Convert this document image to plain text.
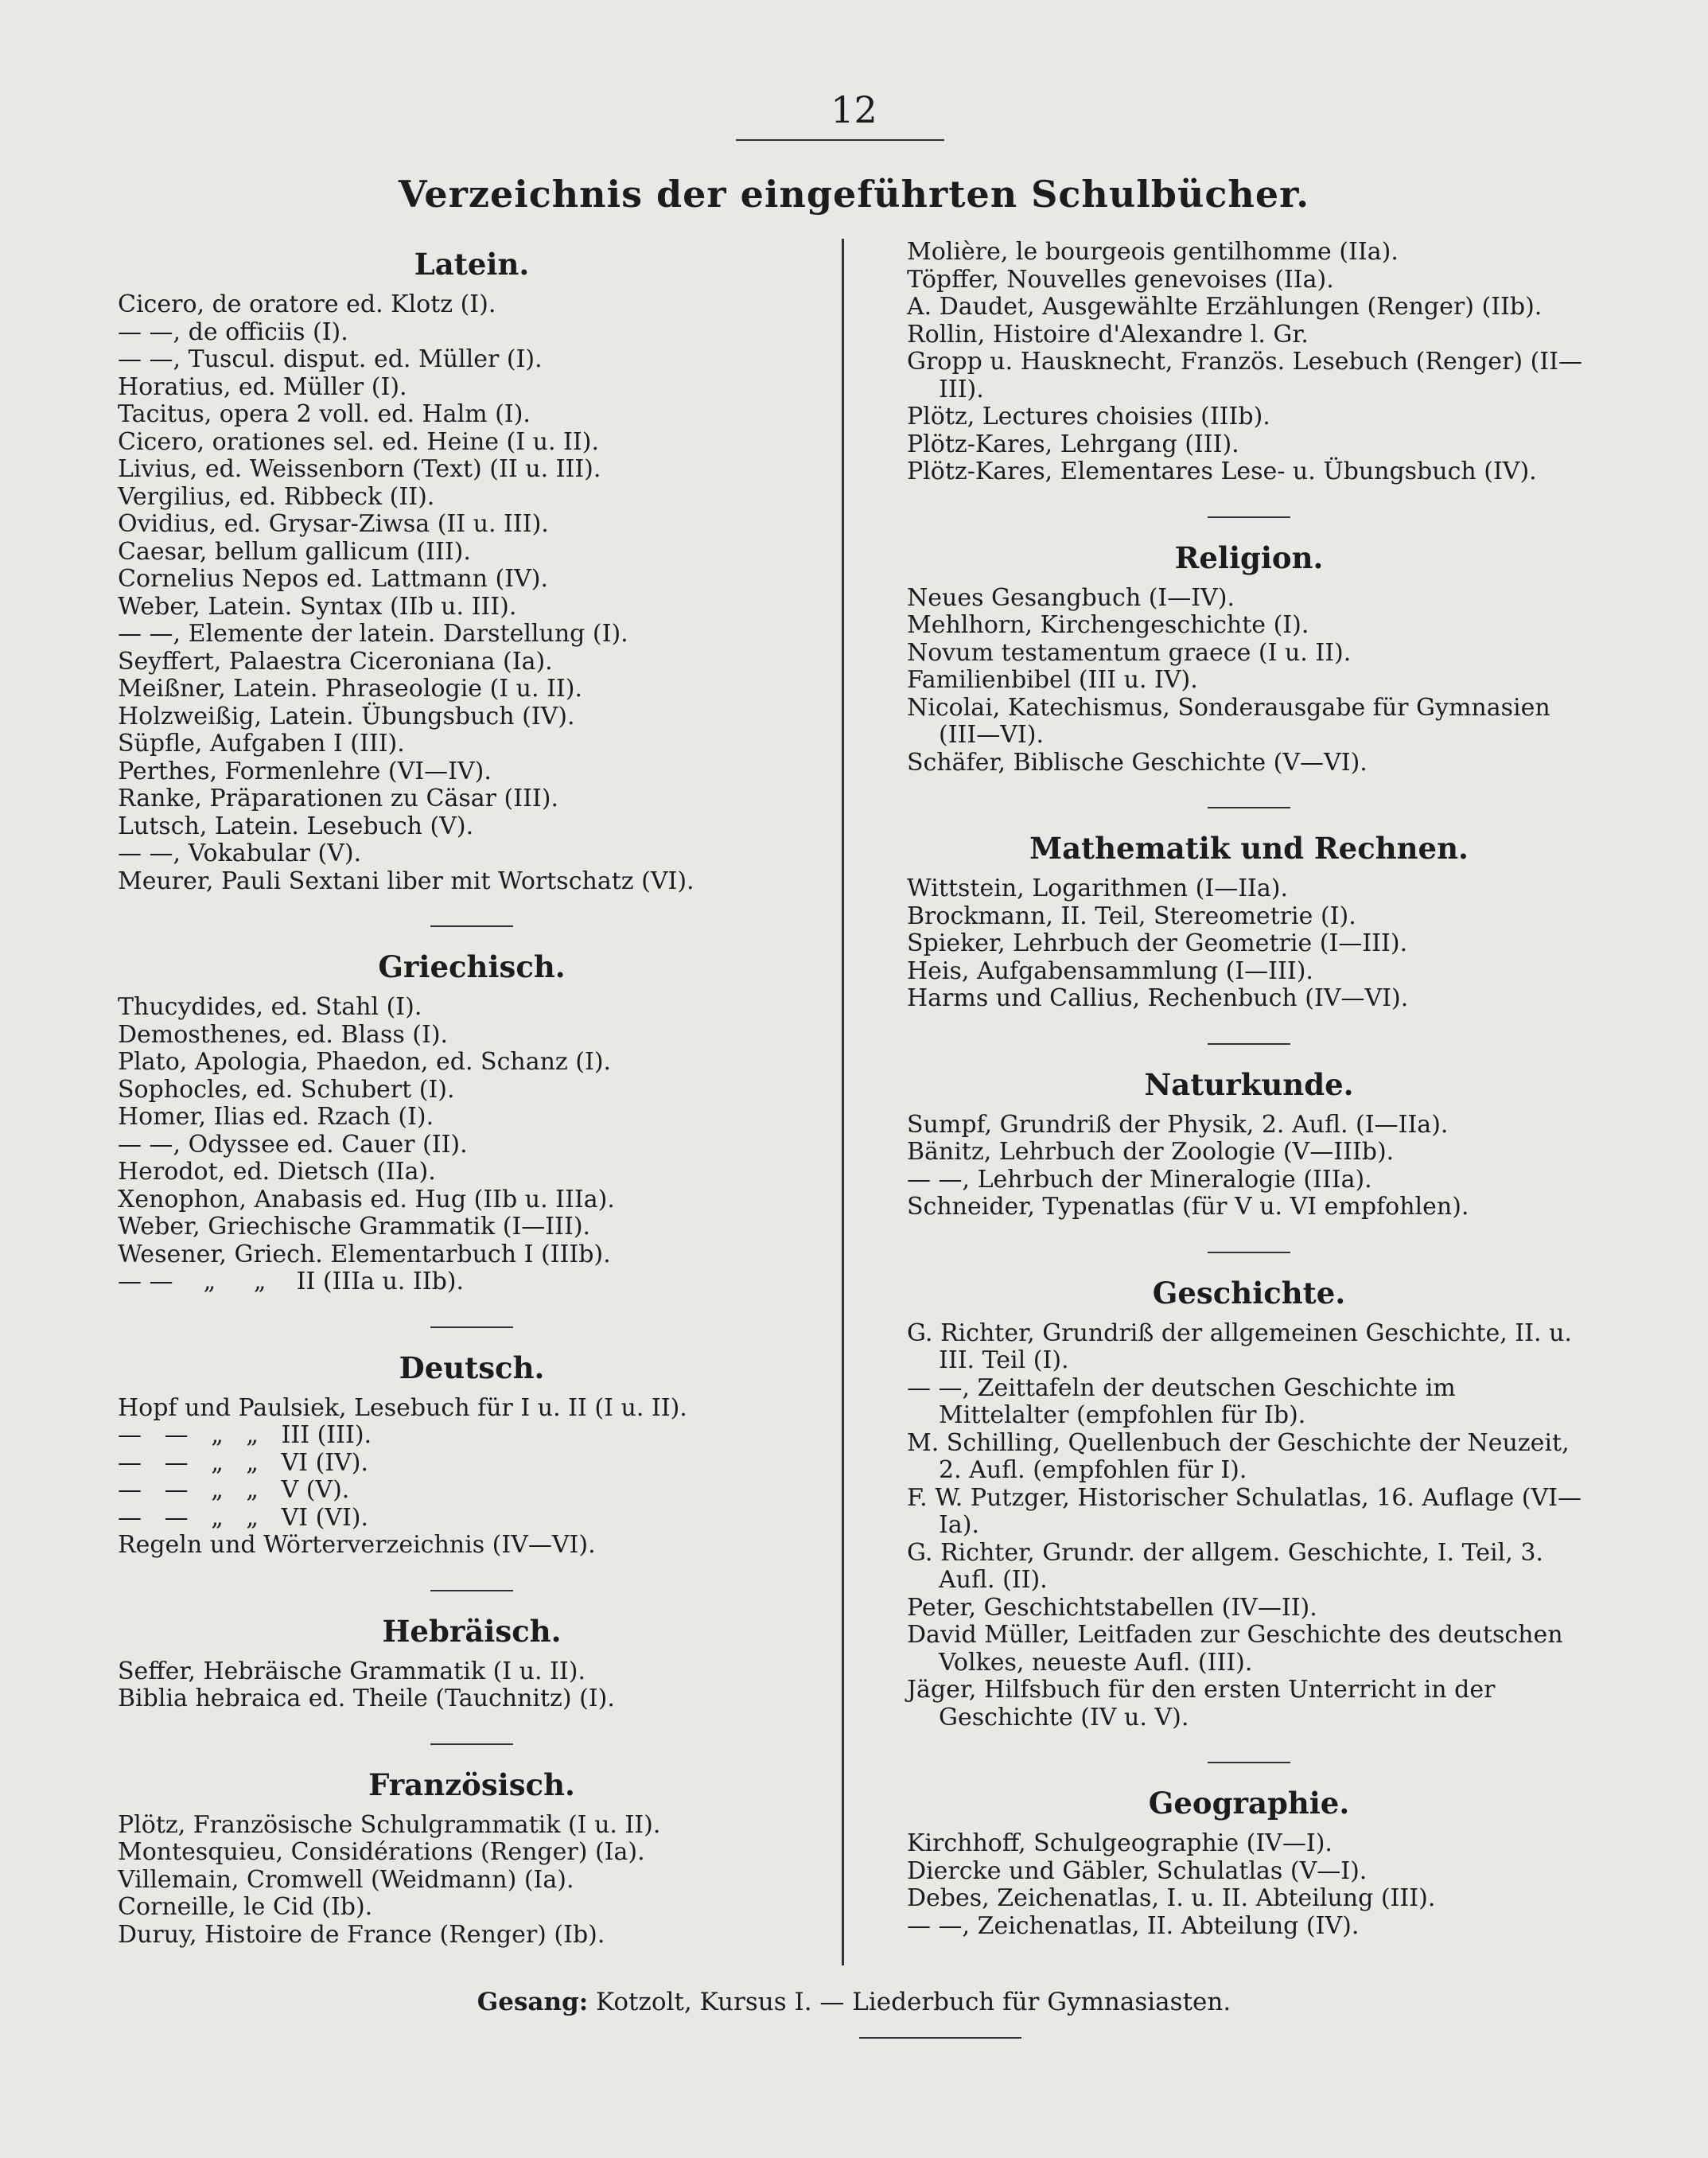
12
Verzeichnis der eingeführten Schulbücher.
Latein.
Cicero, de oratore ed. Klotz (I).
— —, de officiis (I).
— —, Tuscul. disput. ed. Müller (I).
Horatius, ed. Müller (I).
Tacitus, opera 2 voll. ed. Halm (I).
Cicero, orationes sel. ed. Heine (I u. II).
Livius, ed. Weissenborn (Text) (II u. III).
Vergilius, ed. Ribbeck (II).
Ovidius, ed. Grysar-Ziwsa (II u. III).
Caesar, bellum gallicum (III).
Cornelius Nepos ed. Lattmann (IV).
Weber, Latein. Syntax (IIb u. III).
— —, Elemente der latein. Darstellung (I).
Seyffert, Palaestra Ciceroniana (Ia).
Meißner, Latein. Phraseologie (I u. II).
Holzweißig, Latein. Übungsbuch (IV).
Süpfle, Aufgaben I (III).
Perthes, Formenlehre (VI—IV).
Ranke, Präparationen zu Cäsar (III).
Lutsch, Latein. Lesebuch (V).
— —, Vokabular (V).
Meurer, Pauli Sextani liber mit Wortschatz (VI).
Griechisch.
Thucydides, ed. Stahl (I).
Demosthenes, ed. Blass (I).
Plato, Apologia, Phaedon, ed. Schanz (I).
Sophocles, ed. Schubert (I).
Homer, Ilias ed. Rzach (I).
— —, Odyssee ed. Cauer (II).
Herodot, ed. Dietsch (IIa).
Xenophon, Anabasis ed. Hug (IIb u. IIIa).
Weber, Griechische Grammatik (I—III).
Wesener, Griech. Elementarbuch I (IIIb).
— —    „     „    II (IIIa u. IIb).
Deutsch.
Hopf und Paulsiek, Lesebuch für I u. II (I u. II).
—   —   „   „   III (III).
—   —   „   „   VI (IV).
—   —   „   „   V (V).
—   —   „   „   VI (VI).
Regeln und Wörterverzeichnis (IV—VI).
Hebräisch.
Seffer, Hebräische Grammatik (I u. II).
Biblia hebraica ed. Theile (Tauchnitz) (I).
Französisch.
Plötz, Französische Schulgrammatik (I u. II).
Montesquieu, Considérations (Renger) (Ia).
Villemain, Cromwell (Weidmann) (Ia).
Corneille, le Cid (Ib).
Duruy, Histoire de France (Renger) (Ib).
Molière, le bourgeois gentilhomme (IIa).
Töpffer, Nouvelles genevoises (IIa).
A. Daudet, Ausgewählte Erzählungen (Renger) (IIb).
Rollin, Histoire d'Alexandre l. Gr.
Gropp u. Hausknecht, Französ. Lesebuch (Renger) (II—III).
Plötz, Lectures choisies (IIIb).
Plötz-Kares, Lehrgang (III).
Plötz-Kares, Elementares Lese- u. Übungsbuch (IV).
Religion.
Neues Gesangbuch (I—IV).
Mehlhorn, Kirchengeschichte (I).
Novum testamentum graece (I u. II).
Familienbibel (III u. IV).
Nicolai, Katechismus, Sonderausgabe für Gymnasien (III—VI).
Schäfer, Biblische Geschichte (V—VI).
Mathematik und Rechnen.
Wittstein, Logarithmen (I—IIa).
Brockmann, II. Teil, Stereometrie (I).
Spieker, Lehrbuch der Geometrie (I—III).
Heis, Aufgabensammlung (I—III).
Harms und Callius, Rechenbuch (IV—VI).
Naturkunde.
Sumpf, Grundriß der Physik, 2. Aufl. (I—IIa).
Bänitz, Lehrbuch der Zoologie (V—IIIb).
— —, Lehrbuch der Mineralogie (IIIa).
Schneider, Typenatlas (für V u. VI empfohlen).
Geschichte.
G. Richter, Grundriß der allgemeinen Geschichte, II. u. III. Teil (I).
— —, Zeittafeln der deutschen Geschichte im Mittelalter (empfohlen für Ib).
M. Schilling, Quellenbuch der Geschichte der Neuzeit, 2. Aufl. (empfohlen für I).
F. W. Putzger, Historischer Schulatlas, 16. Auflage (VI—Ia).
G. Richter, Grundr. der allgem. Geschichte, I. Teil, 3. Aufl. (II).
Peter, Geschichtstabellen (IV—II).
David Müller, Leitfaden zur Geschichte des deutschen Volkes, neueste Aufl. (III).
Jäger, Hilfsbuch für den ersten Unterricht in der Geschichte (IV u. V).
Geographie.
Kirchhoff, Schulgeographie (IV—I).
Diercke und Gäbler, Schulatlas (V—I).
Debes, Zeichenatlas, I. u. II. Abteilung (III).
— —, Zeichenatlas, II. Abteilung (IV).
Gesang: Kotzolt, Kursus I. — Liederbuch für Gymnasiasten.
